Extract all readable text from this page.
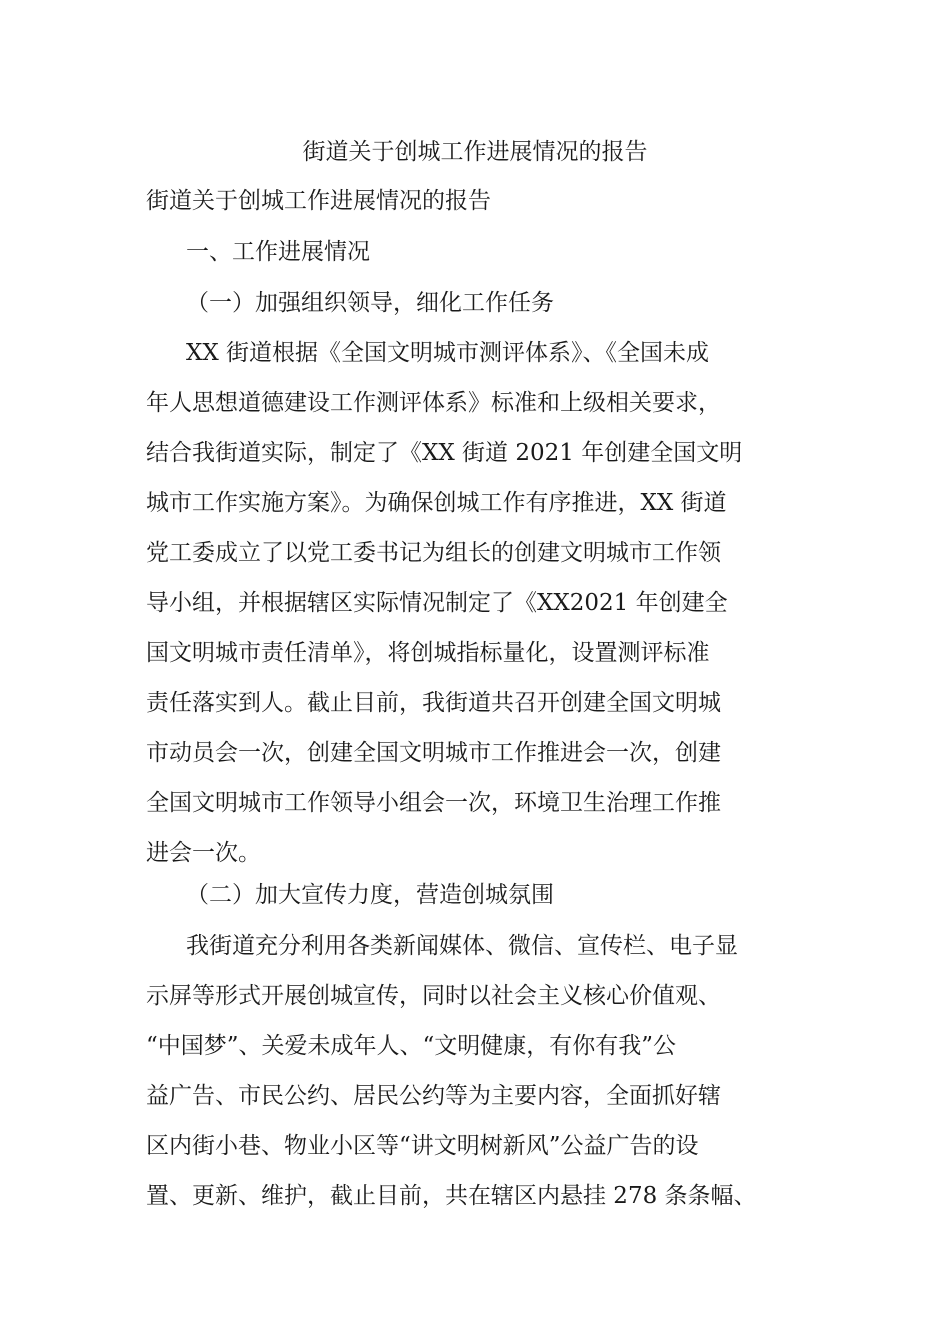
街道关于创城工作进展情况的报告
街道关于创城工作进展情况的报告
一、工作进展情况
（一）加强组织领导，细化工作任务
XX 街道根据《全国文明城市测评体系》、《全国未成
年人思想道德建设工作测评体系》标准和上级相关要求，
结合我街道实际，制定了《XX 街道 2021 年创建全国文明
城市工作实施方案》。为确保创城工作有序推进，XX 街道
党工委成立了以党工委书记为组长的创建文明城市工作领
导小组，并根据辖区实际情况制定了《XX2021 年创建全
国文明城市责任清单》，将创城指标量化，设置测评标准
责任落实到人。截止目前，我街道共召开创建全国文明城
市动员会一次，创建全国文明城市工作推进会一次，创建
全国文明城市工作领导小组会一次，环境卫生治理工作推
进会一次。
（二）加大宣传力度，营造创城氛围
我街道充分利用各类新闻媒体、微信、宣传栏、电子显
示屏等形式开展创城宣传，同时以社会主义核心价值观、
“中国梦”、关爱未成年人、“文明健康，有你有我”公
益广告、市民公约、居民公约等为主要内容，全面抓好辖
区内街小巷、物业小区等“讲文明树新风”公益广告的设
置、更新、维护，截止目前，共在辖区内悬挂 278 条条幅、
